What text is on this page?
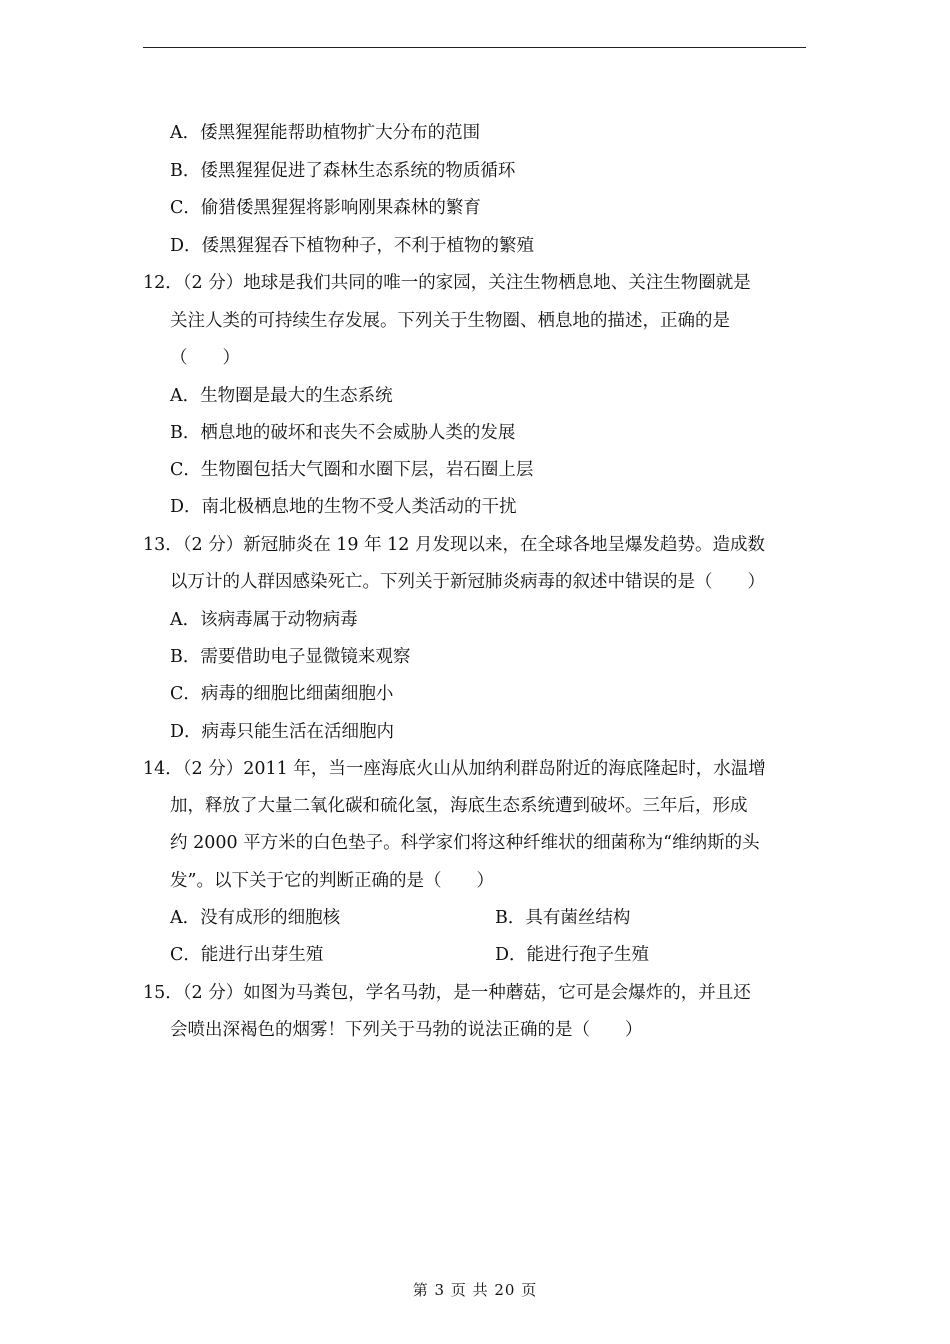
A．倭黑猩猩能帮助植物扩大分布的范围
B．倭黑猩猩促进了森林生态系统的物质循环
C．偷猎倭黑猩猩将影响刚果森林的繁育
D．倭黑猩猩吞下植物种子，不利于植物的繁殖
12．（2 分）地球是我们共同的唯一的家园，关注生物栖息地、关注生物圈就是
关注人类的可持续生存发展。下列关于生物圈、栖息地的描述，正确的是
（　　）
A．生物圈是最大的生态系统
B．栖息地的破坏和丧失不会威胁人类的发展
C．生物圈包括大气圈和水圈下层，岩石圈上层
D．南北极栖息地的生物不受人类活动的干扰
13．（2 分）新冠肺炎在 19 年 12 月发现以来，在全球各地呈爆发趋势。造成数
以万计的人群因感染死亡。下列关于新冠肺炎病毒的叙述中错误的是（　　）
A．该病毒属于动物病毒
B．需要借助电子显微镜来观察
C．病毒的细胞比细菌细胞小
D．病毒只能生活在活细胞内
14．（2 分）2011 年，当一座海底火山从加纳利群岛附近的海底隆起时，水温增
加，释放了大量二氧化碳和硫化氢，海底生态系统遭到破坏。三年后，形成
约 2000 平方米的白色垫子。科学家们将这种纤维状的细菌称为“维纳斯的头
发”。以下关于它的判断正确的是（　　）
A．没有成形的细胞核	B．具有菌丝结构
C．能进行出芽生殖	D．能进行孢子生殖
15．（2 分）如图为马粪包，学名马勃，是一种蘑菇，它可是会爆炸的，并且还
会喷出深褐色的烟雾！下列关于马勃的说法正确的是（　　）
第 3 页 共 20 页
